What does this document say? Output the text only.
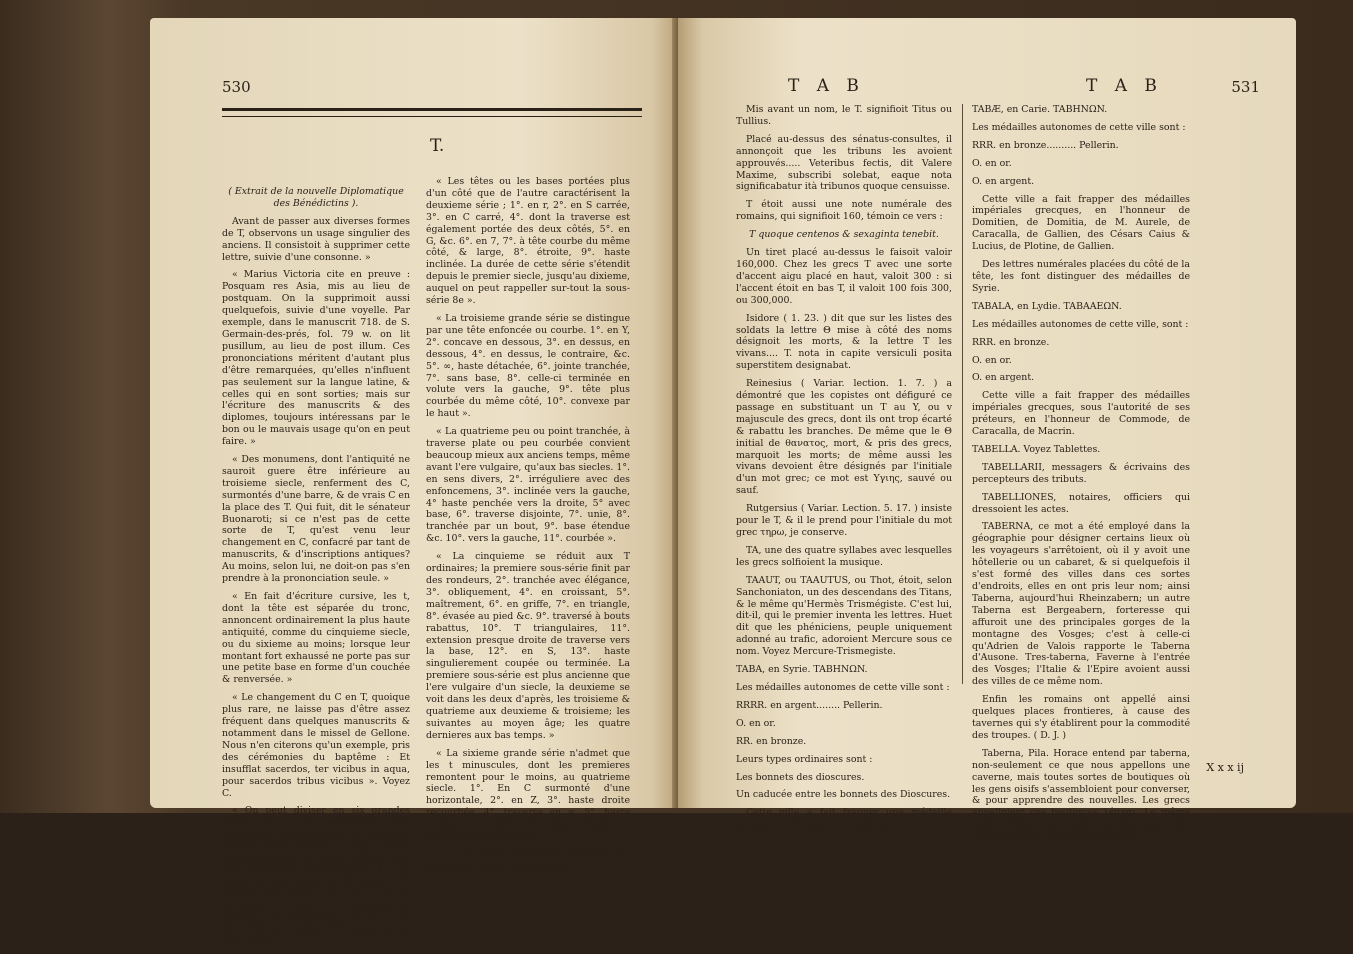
530
T.

( Extrait de la nouvelle Diplomatique des Bénédictins ).

Avant de passer aux diverses formes de T, observons un usage singulier des anciens. Il consistoit à supprimer cette lettre, suivie d'une consonne. »

« Marius Victoria cite en preuve : Posquam res Asia, mis au lieu de postquam. On la supprimoit aussi quelquefois, suivie d'une voyelle. Par exemple, dans le manuscrit 718. de S. Germain-des-prés, fol. 79 w. on lit pusillum, au lieu de post illum. Ces prononciations méritent d'autant plus d'être remarquées, qu'elles n'influent pas seulement sur la langue latine, & celles qui en sont sorties; mais sur l'écriture des manuscrits & des diplomes, toujours intéressans par le bon ou le mauvais usage qu'on en peut faire. »

« Des monumens, dont l'antiquité ne sauroit guere être inférieure au troisieme siecle, renferment des C, surmontés d'une barre, & de vrais C en la place des T. Qui fuit, dit le sénateur Buonaroti; si ce n'est pas de cette sorte de T, qu'est venu leur changement en C, confacré par tant de manuscrits, & d'inscriptions antiques? Au moins, selon lui, ne doit-on pas s'en prendre à la prononciation seule. »

« En fait d'écriture cursive, les t, dont la tête est séparée du tronc, annoncent ordinairement la plus haute antiquité, comme du cinquieme siecle, ou du sixieme au moins; lorsque leur montant fort exhaussé ne porte pas sur une petite base en forme d'un couchée & renversée. »

« Le changement du C en T, quoique plus rare, ne laisse pas d'être assez fréquent dans quelques manuscrits & notamment dans le missel de Gellone. Nous n'en citerons qu'un exemple, pris des cérémonies du baptême : Et insufflat sacerdos, ter vicibus in aqua, pour sacerdos tribus vicibus ». Voyez C.

« On peut diviser en six grandes séries les T des manuscrits, des marbres & des médailles. La premiere grande série définie à ceux qu'une traverse coupe ou divise, débute par des caracteres très-antiques. 1°. en croix, 2°. en croix de S. André, 3°. droites, traversées vers le haut, 4°. en th saxon, 5°. en 8, 6°. formées de courbes, 7°. irrégulieres, 8°. en €, 9°. en F, 10°. en y grec, 11°. tirant sur l'y grec, &c ».

« Les têtes ou les bases portées plus d'un côté que de l'autre caractérisent la deuxieme série ; 1°. en r, 2°. en S carrée, 3°. en C carré, 4°. dont la traverse est également portée des deux côtés, 5°. en G, &c. 6°. en 7, 7°. à tête courbe du même côté, & large, 8°. étroite, 9°. haste inclinée. La durée de cette série s'étendit depuis le premier siecle, jusqu'au dixieme, auquel on peut rappeller sur-tout la sous-série 8e ».

« La troisieme grande série se distingue par une tête enfoncée ou courbe. 1°. en Y, 2°. concave en dessous, 3°. en dessus, en dessous, 4°. en dessus, le contraire, &c. 5°. ∞, haste détachée, 6°. jointe tranchée, 7°. sans base, 8°. celle-ci terminée en volute vers la gauche, 9°. tête plus courbée du même côté, 10°. convexe par le haut ».

« La quatrieme peu ou point tranchée, à traverse plate ou peu courbée convient beaucoup mieux aux anciens temps, même avant l'ere vulgaire, qu'aux bas siecles. 1°. en sens divers, 2°. irréguliere avec des enfoncemens, 3°. inclinée vers la gauche, 4° haste penchée vers la droite, 5° avec base, 6°. traverse disjointe, 7°. unie, 8°. tranchée par un bout, 9°. base étendue &c. 10°. vers la gauche, 11°. courbée ».

« La cinquieme se réduit aux T ordinaires; la premiere sous-série finit par des rondeurs, 2°. tranchée avec élégance, 3°. obliquement, 4°. en croissant, 5°. maîtrement, 6°. en griffe, 7°. en triangle, 8°. évasée au pied &c. 9°. traversé à bouts rabattus, 10°. T triangulaires, 11°. extension presque droite de traverse vers la base, 12°. en S, 13°. haste singulierement coupée ou terminée. La premiere sous-série est plus ancienne que l'ere vulgaire d'un siecle, la deuxieme se voit dans les deux d'après, les troisieme & quatrieme aux deuxieme & troisieme; les suivantes au moyen âge; les quatre dernieres aux bas temps. »

« La sixieme grande série n'admet que les t minuscules, dont les premieres remontent pour le moins, au quatrieme siecle. 1°. En C surmonté d'une horizontale, 2°. en Z, 3°. haste droite recourbée, 4°. traverse en ∞, 5°. haste terminée de même, 6°. tête irréguliere, 7°. gothique, 8°. croisé. »

Le T se trouve quelquefois employé à la place de L. Voyez cette lettre.

T A B	T A B	531

Mis avant un nom, le T. signifioit Titus ou Tullius.

Placé au-dessus des sénatus-consultes, il annonçoit que les tribuns les avoient approuvés..... Veteribus fectis, dit Valere Maxime, subscribi solebat, eaque nota significabatur ità tribunos quoque censuisse.

T étoit aussi une note numérale des romains, qui signifioit 160, témoin ce vers :

T quoque centenos & sexaginta tenebit.

Un tiret placé au-dessus le faisoit valoir 160,000. Chez les grecs T avec une sorte d'accent aigu placé en haut, valoit 300 : si l'accent étoit en bas T, il valoit 100 fois 300, ou 300,000.

Isidore ( 1. 23. ) dit que sur les listes des soldats la lettre Θ mise à côté des noms désignoit les morts, & la lettre T les vivans.... T. nota in capite versiculi posita superstitem designabat.

Reinesius ( Variar. lection. 1. 7. ) a démontré que les copistes ont défiguré ce passage en substituant un T au Y, ou v majuscule des grecs, dont ils ont trop écarté & rabattu les branches. De même que le Θ initial de θανατος, mort, & pris des grecs, marquoit les morts; de même aussi les vivans devoient être désignés par l'initiale d'un mot grec; ce mot est Υγιης, sauvé ou sauf.

Rutgersius ( Variar. Lection. 5. 17. ) insiste pour le T, & il le prend pour l'initiale du mot grec τηρω, je conserve.

TA, une des quatre syllabes avec lesquelles les grecs solfioient la musique.

TAAUT, ou TAAUTUS, ou Thot, étoit, selon Sanchoniaton, un des descendans des Titans, & le même qu'Hermès Trismégiste. C'est lui, dit-il, qui le premier inventa les lettres. Huet dit que les phéniciens, peuple uniquement adonné au trafic, adoroient Mercure sous ce nom. Voyez Mercure-Trismegiste.

TABA, en Syrie. TABHNΩN.

Les médailles autonomes de cette ville sont :

RRRR. en argent........ Pellerin.

O. en or.

RR. en bronze.

Leurs types ordinaires sont :

Les bonnets des dioscures.

Un caducée entre les bonnets des Dioscures.

Cette ville a fait frapper une médaille grecque en l'honneur d'Hadrien.

TABÆ, en Carie. TABHNΩN.

Les médailles autonomes de cette ville sont :

RRR. en bronze.......... Pellerin.

O. en or.

O. en argent.

Cette ville a fait frapper des médailles impériales grecques, en l'honneur de Domitien, de Domitia, de M. Aurele, de Caracalla, de Gallien, des Césars Caius & Lucius, de Plotine, de Gallien.

Des lettres numérales placées du côté de la tête, les font distinguer des médailles de Syrie.

TABALA, en Lydie. TABAAEΩN.

Les médailles autonomes de cette ville, sont :

RRR. en bronze.

O. en or.

O. en argent.

Cette ville a fait frapper des médailles impériales grecques, sous l'autorité de ses préteurs, en l'honneur de Commode, de Caracalla, de Macrin.

TABELLA. Voyez Tablettes.

TABELLARII, messagers & écrivains des percepteurs des tributs.

TABELLIONES, notaires, officiers qui dressoient les actes.

TABERNA, ce mot a été employé dans la géographie pour désigner certains lieux où les voyageurs s'arrêtoient, où il y avoit une hôtellerie ou un cabaret, & si quelquefois il s'est formé des villes dans ces sortes d'endroits, elles en ont pris leur nom; ainsi Taberna, aujourd'hui Rheinzabern; un autre Taberna est Bergeabern, forteresse qui affuroit une des principales gorges de la montagne des Vosges; c'est à celle-ci qu'Adrien de Valois rapporte le Taberna d'Ausone. Tres-taberna, Faverne à l'entrée des Vosges; l'Italie & l'Epire avoient aussi des villes de ce même nom.

Enfin les romains ont appellé ainsi quelques places frontieres, à cause des tavernes qui s'y établirent pour la commodité des troupes. ( D. J. )

Taberna, Pila. Horace entend par taberna, non-seulement ce que nous appellons une caverne, mais toutes sortes de boutiques où les gens oisifs s'assembloient pour converser, & pour apprendre des nouvelles. Les grecs appelloient ces boutiques λέσχαι. Le même poëte désigne par pila, les boutiques des libraires, parce que ces boutiques

X x x ij
